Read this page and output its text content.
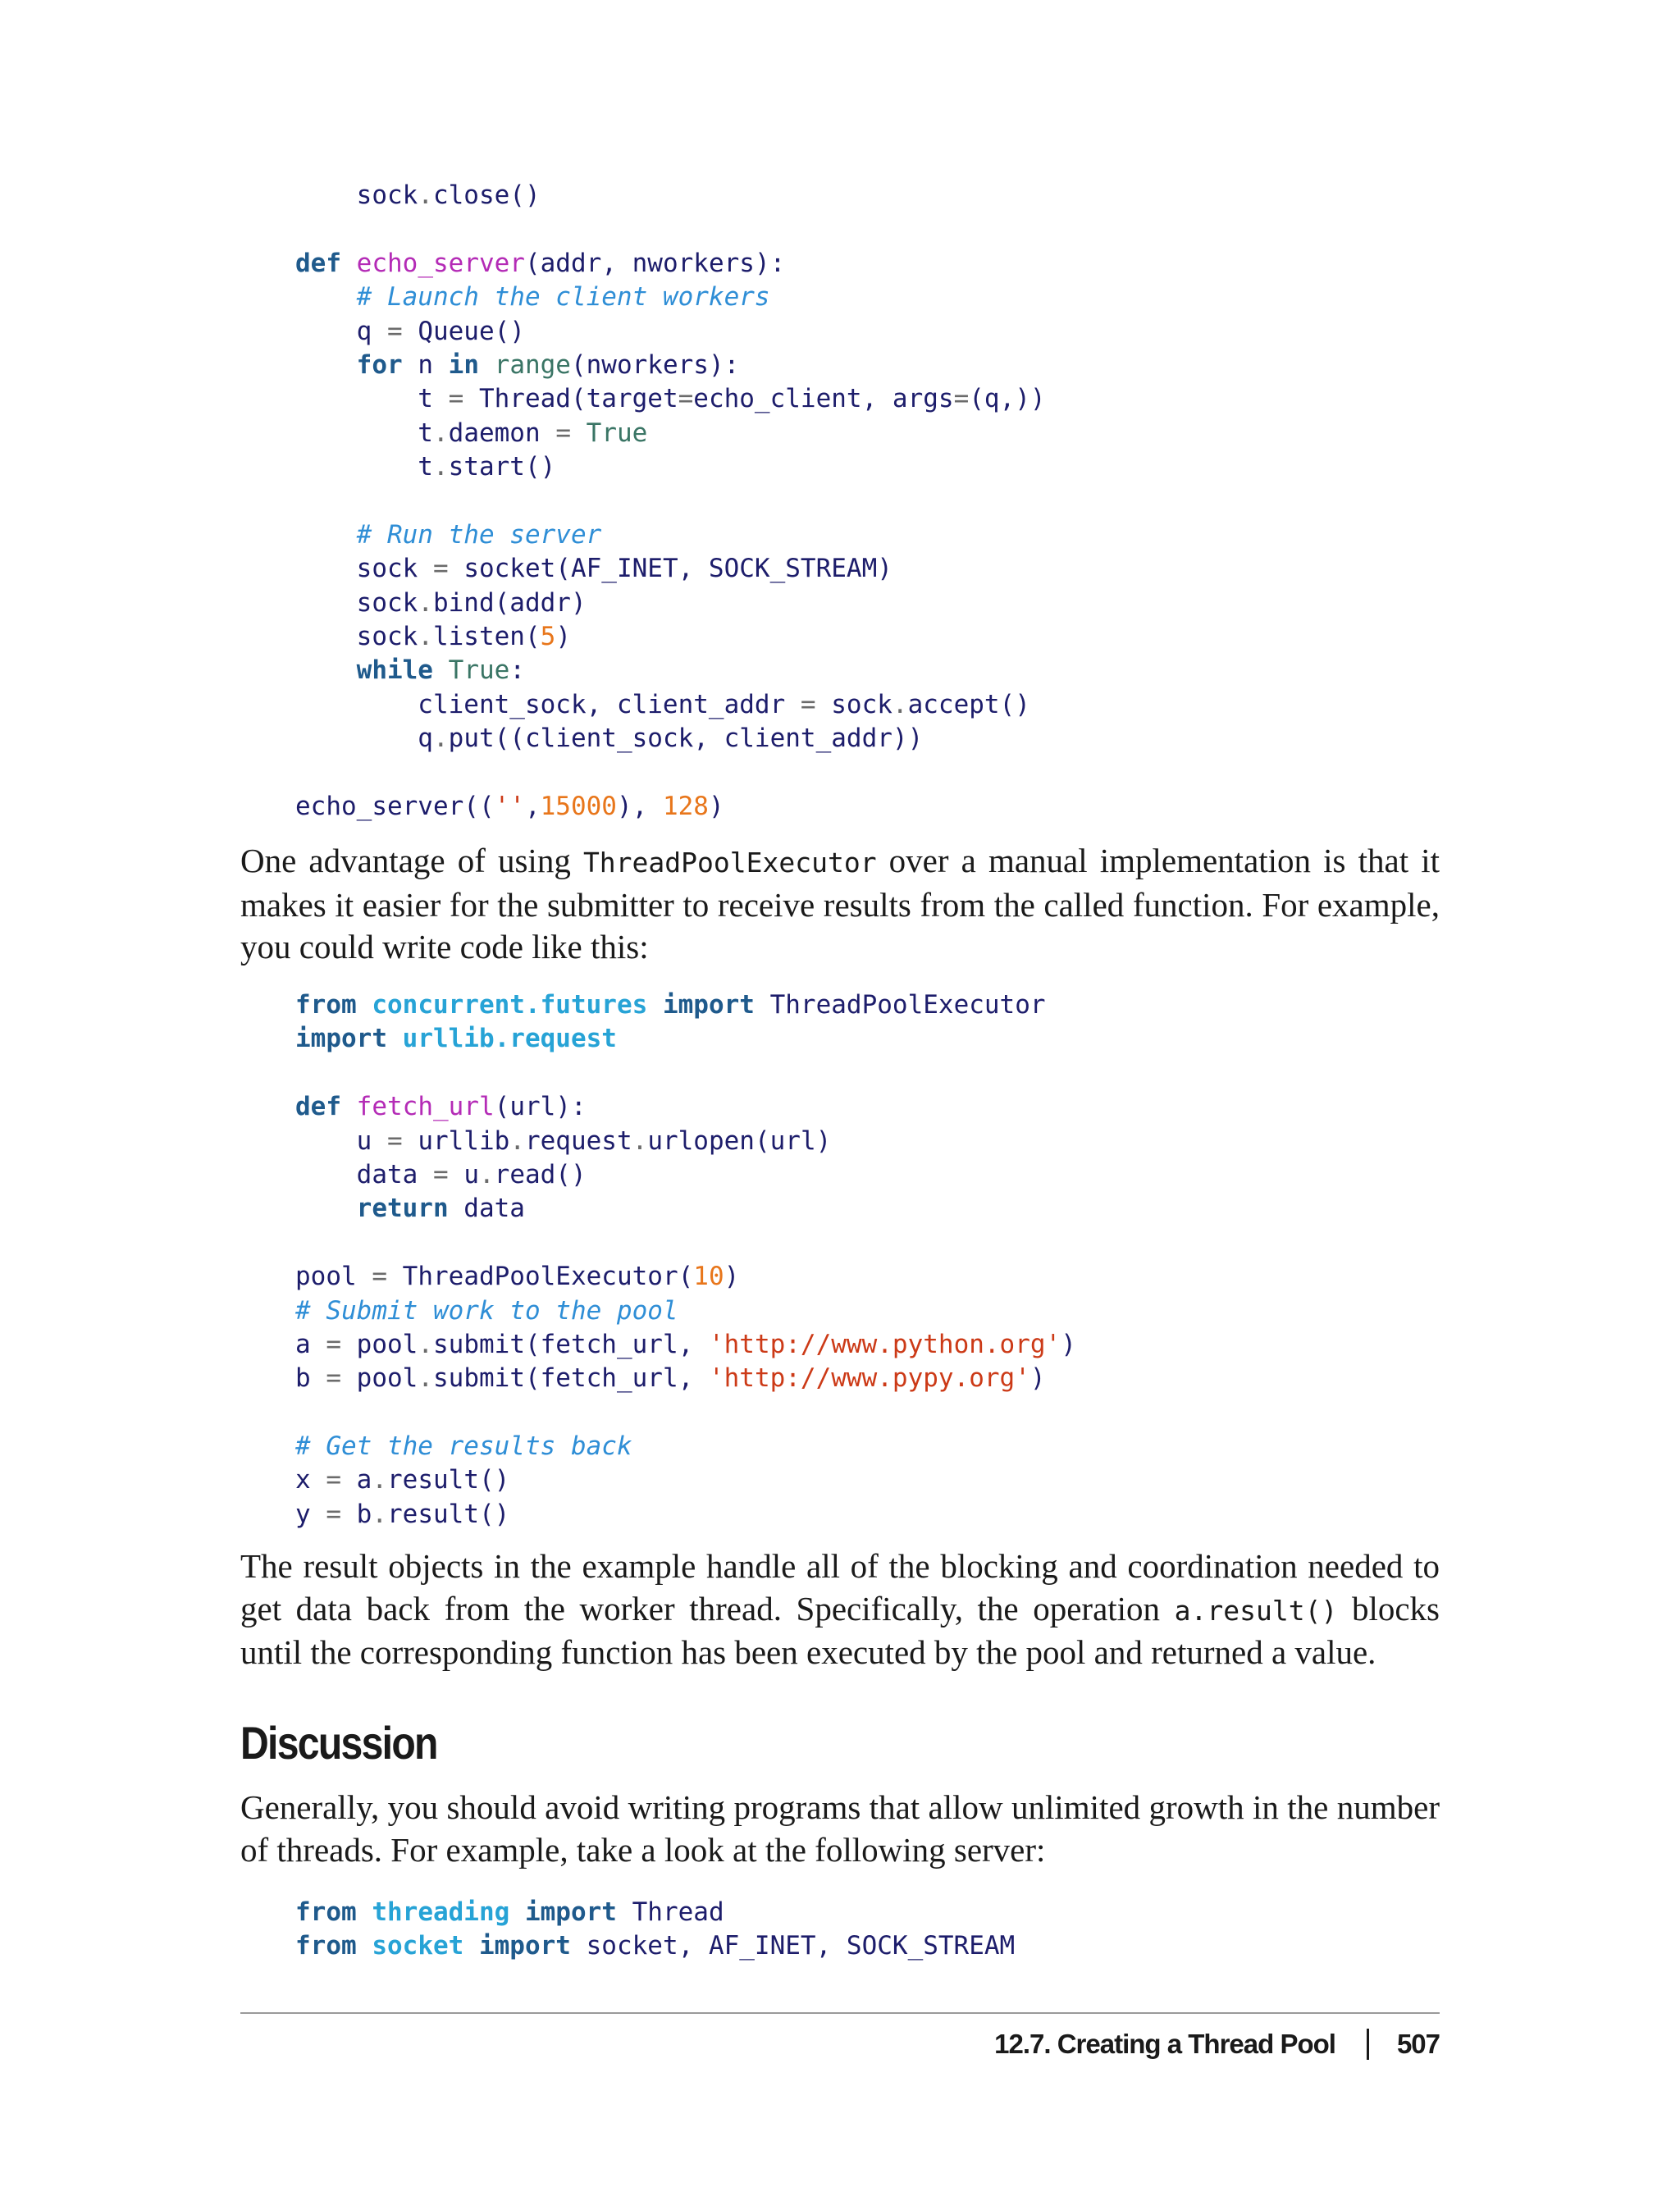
sock.close()
def echo_server(addr, nworkers):
# Launch the client workers
q = Queue()
for n in range(nworkers):
t = Thread(target=echo_client, args=(q,))
t.daemon = True
t.start()
# Run the server
sock = socket(AF_INET, SOCK_STREAM)
sock.bind(addr)
sock.listen(5)
while True:
client_sock, client_addr = sock.accept()
q.put((client_sock, client_addr))
echo_server(('',15000), 128)

One advantage of using ThreadPoolExecutor over a manual implementation is that it makes it easier for the submitter to receive results from the called function. For example, you could write code like this:

from concurrent.futures import ThreadPoolExecutor
import urllib.request
def fetch_url(url):
u = urllib.request.urlopen(url)
data = u.read()
return data
pool = ThreadPoolExecutor(10)
# Submit work to the pool
a = pool.submit(fetch_url, 'http://www.python.org')
b = pool.submit(fetch_url, 'http://www.pypy.org')
# Get the results back
x = a.result()
y = b.result()

The result objects in the example handle all of the blocking and coordination needed to get data back from the worker thread. Specifically, the operation a.result() blocks until the corresponding function has been executed by the pool and returned a value.

Discussion

Generally, you should avoid writing programs that allow unlimited growth in the number of threads. For example, take a look at the following server:

from threading import Thread
from socket import socket, AF_INET, SOCK_STREAM
12.7. Creating a Thread Pool 507
